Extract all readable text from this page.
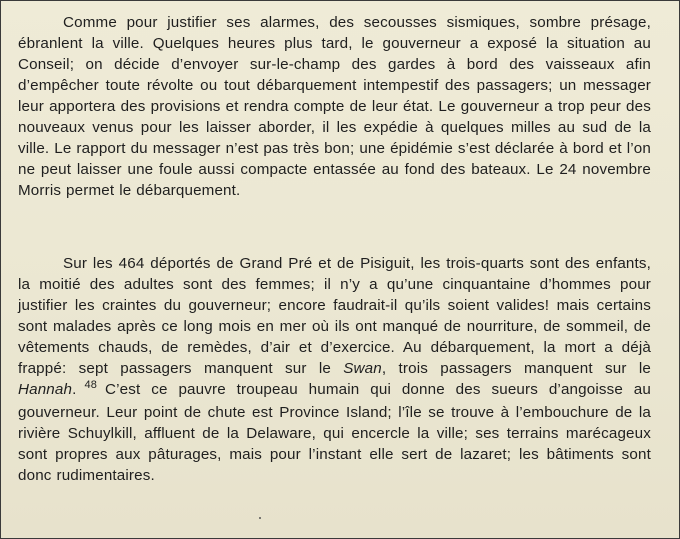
Comme pour justifier ses alarmes, des secousses sismiques, sombre présage, ébranlent la ville. Quelques heures plus tard, le gouverneur a exposé la situation au Conseil; on décide d’envoyer sur-le-champ des gardes à bord des vaisseaux afin d’empêcher toute révolte ou tout débarquement intempestif des passagers; un messager leur apportera des provisions et rendra compte de leur état. Le gouverneur a trop peur des nouveaux venus pour les laisser aborder, il les expédie à quelques milles au sud de la ville. Le rapport du messager n’est pas très bon; une épidémie s’est déclarée à bord et l’on ne peut laisser une foule aussi compacte entassée au fond des bateaux. Le 24 novembre Morris permet le débarquement.

Sur les 464 déportés de Grand Pré et de Pisiguit, les trois-quarts sont des enfants, la moitié des adultes sont des femmes; il n’y a qu’une cinquantaine d’hommes pour justifier les craintes du gouverneur; encore faudrait-il qu’ils soient valides! mais certains sont malades après ce long mois en mer où ils ont manqué de nourriture, de sommeil, de vêtements chauds, de remèdes, d’air et d’exercice. Au débarquement, la mort a déjà frappé: sept passagers manquent sur le Swan, trois passagers manquent sur le Hannah. $^{48}$ C’est ce pauvre troupeau humain qui donne des sueurs d’angoisse au gouverneur. Leur point de chute est Province Island; l’île se trouve à l’embouchure de la rivière Schuylkill, affluent de la Delaware, qui encercle la ville; ses terrains marécageux sont propres aux pâturages, mais pour l’instant elle sert de lazaret; les bâtiments sont donc rudimentaires.
